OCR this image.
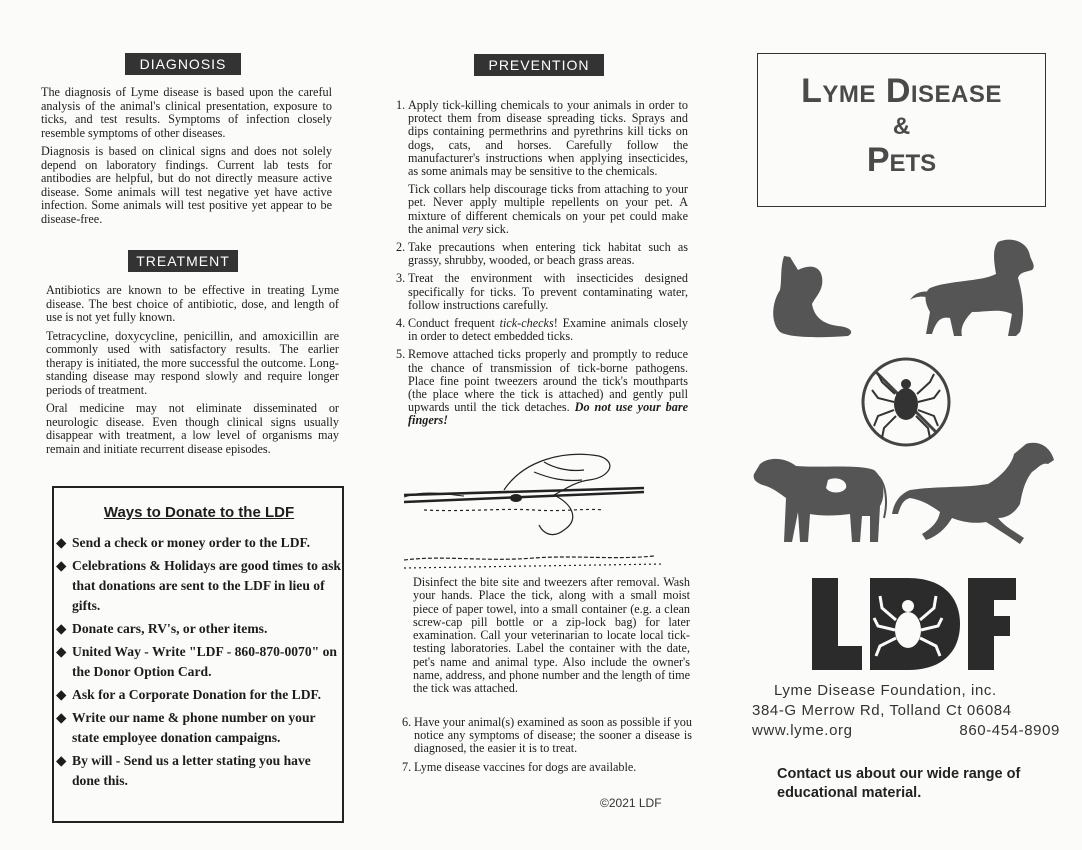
DIAGNOSIS

The diagnosis of Lyme disease is based upon the careful analysis of the animal's clinical presentation, exposure to ticks, and test results. Symptoms of infection closely resemble symptoms of other diseases.

Diagnosis is based on clinical signs and does not solely depend on laboratory findings. Current lab tests for antibodies are helpful, but do not directly measure active disease. Some animals will test negative yet have active infection. Some animals will test positive yet appear to be disease-free.

TREATMENT

Antibiotics are known to be effective in treating Lyme disease. The best choice of antibiotic, dose, and length of use is not yet fully known.

Tetracycline, doxycycline, penicillin, and amoxicillin are commonly used with satisfactory results. The earlier therapy is initiated, the more successful the outcome. Long-standing disease may respond slowly and require longer periods of treatment.

Oral medicine may not eliminate disseminated or neurologic disease. Even though clinical signs usually disappear with treatment, a low level of organisms may remain and initiate recurrent disease episodes.

Ways to Donate to the LDF
◆ Send a check or money order to the LDF.
◆ Celebrations & Holidays are good times to ask that donations are sent to the LDF in lieu of gifts.
◆ Donate cars, RV's, or other items.
◆ United Way - Write "LDF - 860-870-0070" on the Donor Option Card.
◆ Ask for a Corporate Donation for the LDF.
◆ Write our name & phone number on your state employee donation campaigns.
◆ By will - Send us a letter stating you have done this.
PREVENTION
1. Apply tick-killing chemicals to your animals in order to protect them from disease spreading ticks. Sprays and dips containing permethrins and pyrethrins kill ticks on dogs, cats, and horses. Carefully follow the manufacturer's instructions when applying insecticides, as some animals may be sensitive to the chemicals.
Tick collars help discourage ticks from attaching to your pet. Never apply multiple repellents on your pet. A mixture of different chemicals on your pet could make the animal very sick.
2. Take precautions when entering tick habitat such as grassy, shrubby, wooded, or beach grass areas.
3. Treat the environment with insecticides designed specifically for ticks. To prevent contaminating water, follow instructions carefully.
4. Conduct frequent tick-checks! Examine animals closely in order to detect embedded ticks.
5. Remove attached ticks properly and promptly to reduce the chance of transmission of tick-borne pathogens. Place fine point tweezers around the tick's mouthparts (the place where the tick is attached) and gently pull upwards until the tick detaches. Do not use your bare fingers!

Disinfect the bite site and tweezers after removal. Wash your hands. Place the tick, along with a small moist piece of paper towel, into a small container (e.g. a clean screw-cap pill bottle or a zip-lock bag) for later examination. Call your veterinarian to locate local tick-testing laboratories. Label the container with the date, pet's name and animal type. Also include the owner's name, address, and phone number and the length of time the tick was attached.

6. Have your animal(s) examined as soon as possible if you notice any symptoms of disease; the sooner a disease is diagnosed, the easier it is to treat.
7. Lyme disease vaccines for dogs are available.
©2021 LDF
Lyme Disease
&
Pets
Lyme Disease Foundation, inc.
384-G Merrow Rd, Tolland Ct 06084
www.lyme.org	860-454-8909
Contact us about our wide range of educational material.
